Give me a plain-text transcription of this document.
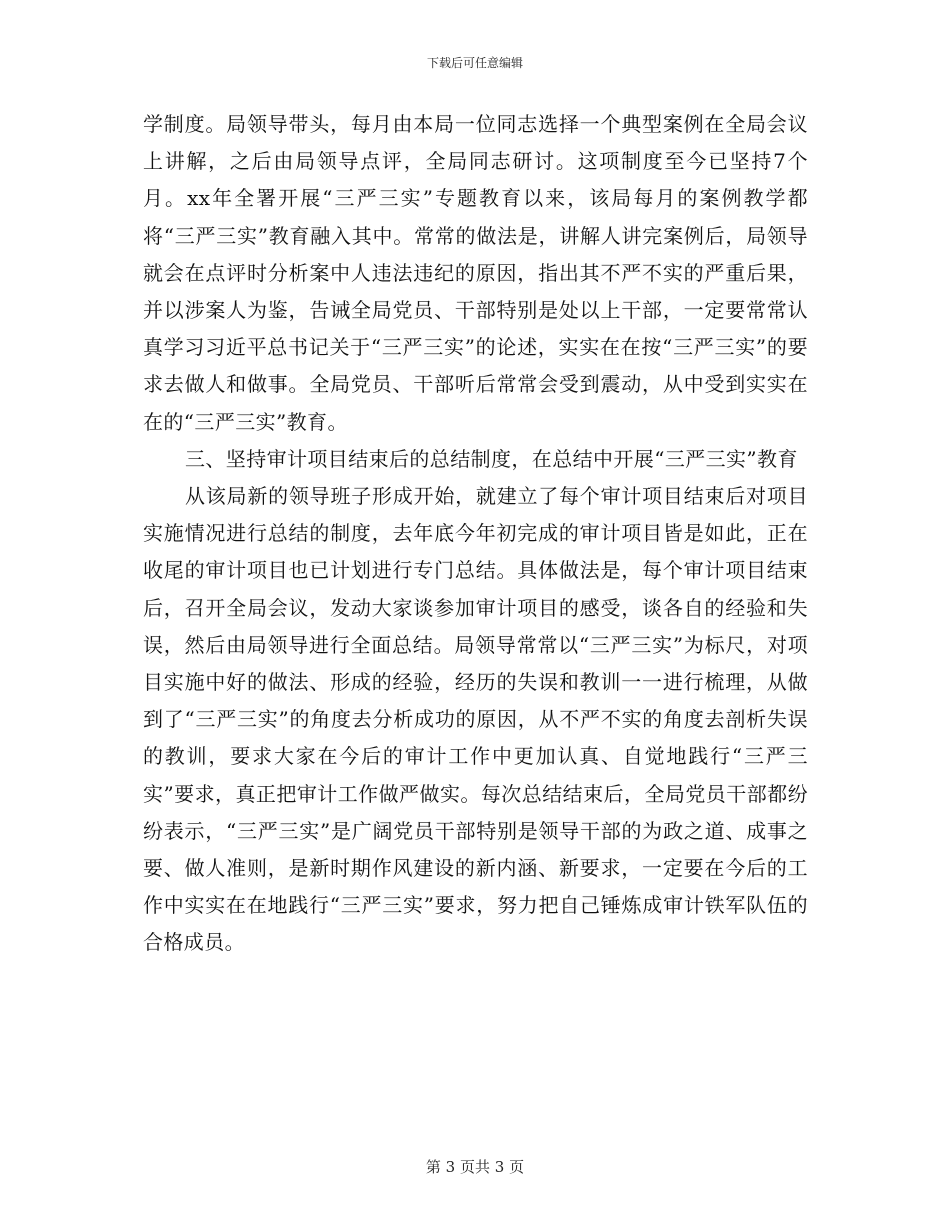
下载后可任意编辑

学制度。局领导带头，每月由本局一位同志选择一个典型案例在全局会议上讲解，之后由局领导点评，全局同志研讨。这项制度至今已坚持7个月。xx年全署开展“三严三实”专题教育以来，该局每月的案例教学都将“三严三实”教育融入其中。常常的做法是，讲解人讲完案例后，局领导就会在点评时分析案中人违法违纪的原因，指出其不严不实的严重后果，并以涉案人为鉴，告诫全局党员、干部特别是处以上干部，一定要常常认真学习习近平总书记关于“三严三实”的论述，实实在在按“三严三实”的要求去做人和做事。全局党员、干部听后常常会受到震动，从中受到实实在在的“三严三实”教育。

三、坚持审计项目结束后的总结制度，在总结中开展“三严三实”教育

从该局新的领导班子形成开始，就建立了每个审计项目结束后对项目实施情况进行总结的制度，去年底今年初完成的审计项目皆是如此，正在收尾的审计项目也已计划进行专门总结。具体做法是，每个审计项目结束后，召开全局会议，发动大家谈参加审计项目的感受，谈各自的经验和失误，然后由局领导进行全面总结。局领导常常以“三严三实”为标尺，对项目实施中好的做法、形成的经验，经历的失误和教训一一进行梳理，从做到了“三严三实”的角度去分析成功的原因，从不严不实的角度去剖析失误的教训，要求大家在今后的审计工作中更加认真、自觉地践行“三严三实”要求，真正把审计工作做严做实。每次总结结束后，全局党员干部都纷纷表示，“三严三实”是广阔党员干部特别是领导干部的为政之道、成事之要、做人准则，是新时期作风建设的新内涵、新要求，一定要在今后的工作中实实在在地践行“三严三实”要求，努力把自己锤炼成审计铁军队伍的合格成员。

第 3 页共 3 页
